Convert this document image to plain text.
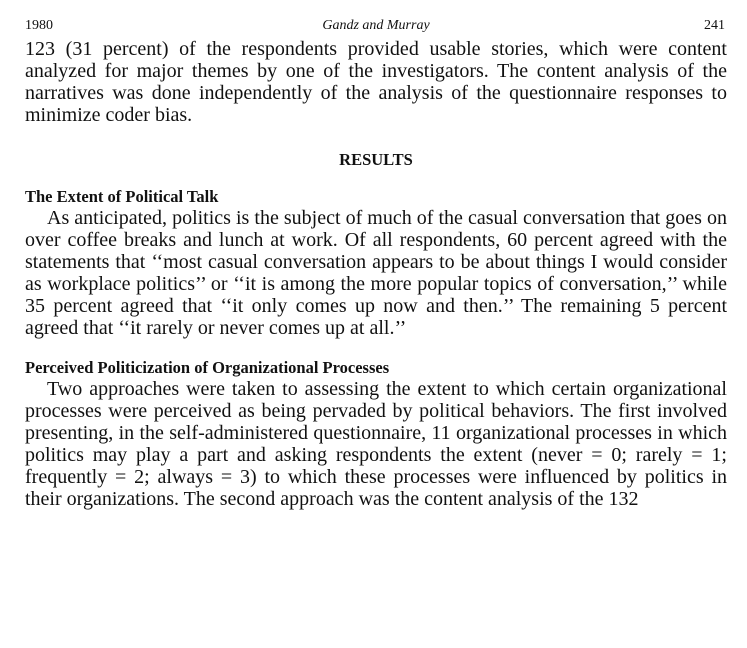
1980	Gandz and Murray	241

123 (31 percent) of the respondents provided usable stories, which were content analyzed for major themes by one of the investigators. The content analysis of the narratives was done independently of the analysis of the questionnaire responses to minimize coder bias.

RESULTS
The Extent of Political Talk

As anticipated, politics is the subject of much of the casual conversation that goes on over coffee breaks and lunch at work. Of all respondents, 60 percent agreed with the statements that ‘‘most casual conversation appears to be about things I would consider as workplace politics’’ or ‘‘it is among the more popular topics of conversation,’’ while 35 percent agreed that ‘‘it only comes up now and then.’’ The remaining 5 percent agreed that ‘‘it rarely or never comes up at all.’’

Perceived Politicization of Organizational Processes

Two approaches were taken to assessing the extent to which certain organizational processes were perceived as being pervaded by political behaviors. The first involved presenting, in the self-administered questionnaire, 11 organizational processes in which politics may play a part and asking respondents the extent (never = 0; rarely = 1; frequently = 2; always = 3) to which these processes were influenced by politics in their organizations. The second approach was the content analysis of the 132
